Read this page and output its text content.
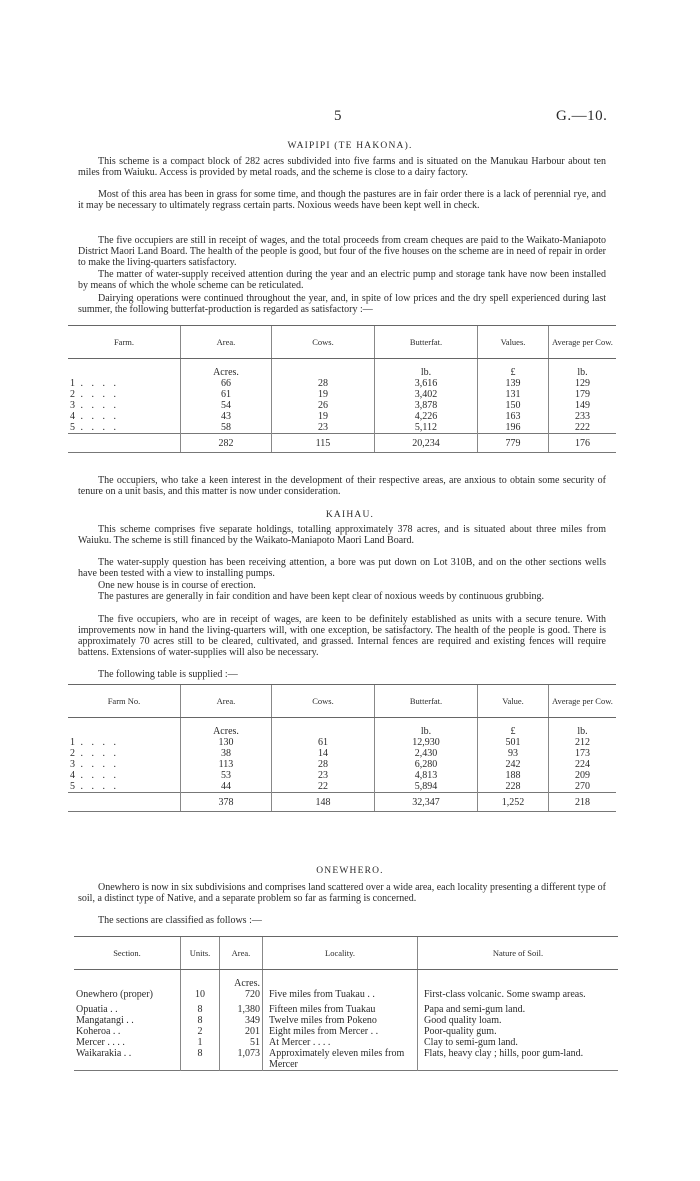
5	G.—10.
WAIPIPI (TE HAKONA).

This scheme is a compact block of 282 acres subdivided into five farms and is situated on the Manukau Harbour about ten miles from Waiuku. Access is provided by metal roads, and the scheme is close to a dairy factory.

Most of this area has been in grass for some time, and though the pastures are in fair order there is a lack of perennial rye, and it may be necessary to ultimately regrass certain parts. Noxious weeds have been kept well in check.

The five occupiers are still in receipt of wages, and the total proceeds from cream cheques are paid to the Waikato-Maniapoto District Maori Land Board. The health of the people is good, but four of the five houses on the scheme are in need of repair in order to make the living-quarters satisfactory.

The matter of water-supply received attention during the year and an electric pump and storage tank have now been installed by means of which the whole scheme can be reticulated.

Dairying operations were continued throughout the year, and, in spite of low prices and the dry spell experienced during last summer, the following butterfat-production is regarded as satisfactory :—

Farm.	Area.	Cows.	Butterfat.	Values.	Average per Cow.
	Acres.		lb.	£	lb.
1 . . . .	66	28	3,616	139	129
2 . . . .	61	19	3,402	131	179
3 . . . .	54	26	3,878	150	149
4 . . . .	43	19	4,226	163	233
5 . . . .	58	23	5,112	196	222
	282	115	20,234	779	176

The occupiers, who take a keen interest in the development of their respective areas, are anxious to obtain some security of tenure on a unit basis, and this matter is now under consideration.

KAIHAU.

This scheme comprises five separate holdings, totalling approximately 378 acres, and is situated about three miles from Waiuku. The scheme is still financed by the Waikato-Maniapoto Maori Land Board.

The water-supply question has been receiving attention, a bore was put down on Lot 310B, and on the other sections wells have been tested with a view to installing pumps.

One new house is in course of erection.

The pastures are generally in fair condition and have been kept clear of noxious weeds by continuous grubbing.

The five occupiers, who are in receipt of wages, are keen to be definitely established as units with a secure tenure. With improvements now in hand the living-quarters will, with one exception, be satisfactory. The health of the people is good. There is approximately 70 acres still to be cleared, cultivated, and grassed. Internal fences are required and existing fences will require battens. Extensions of water-supplies will also be necessary.

The following table is supplied :—

Farm No.	Area.	Cows.	Butterfat.	Value.	Average per Cow.
	Acres.		lb.	£	lb.
1 . . . .	130	61	12,930	501	212
2 . . . .	38	14	2,430	93	173
3 . . . .	113	28	6,280	242	224
4 . . . .	53	23	4,813	188	209
5 . . . .	44	22	5,894	228	270
	378	148	32,347	1,252	218
ONEWHERO.

Onewhero is now in six subdivisions and comprises land scattered over a wide area, each locality presenting a different type of soil, a distinct type of Native, and a separate problem so far as farming is concerned.

The sections are classified as follows :—

Section.	Units.	Area.	Locality.	Nature of Soil.
		Acres.		
Onewhero (proper)	10	720	Five miles from Tuakau . .	First-class volcanic. Some swamp areas.
Opuatia . .	8	1,380	Fifteen miles from Tuakau	Papa and semi-gum land.
Mangatangi . .	8	349	Twelve miles from Pokeno	Good quality loam.
Koheroa . .	2	201	Eight miles from Mercer . .	Poor-quality gum.
Mercer . . . .	1	51	At Mercer . . . .	Clay to semi-gum land.
Waikarakia . .	8	1,073	Approximately eleven miles from Mercer	Flats, heavy clay ; hills, poor gum-land.
